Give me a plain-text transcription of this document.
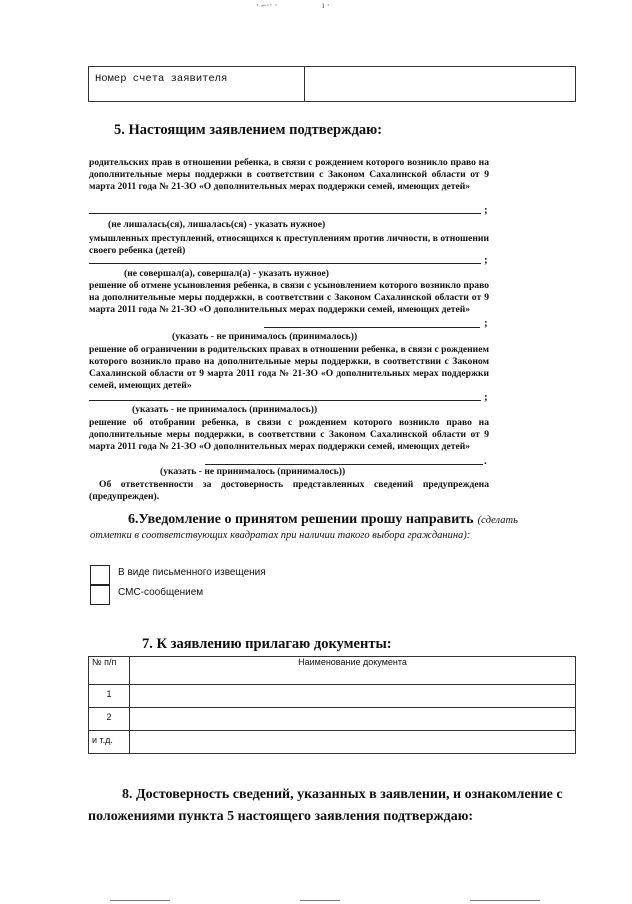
· ⌐·· ·	ı ·
Номер счета заявителя
5. Настоящим заявлением подтверждаю:
родительских прав в отношении ребенка, в связи с рождением которого возникло право на дополнительные меры поддержки в соответствии с Законом Сахалинской области от 9 марта 2011 года № 21-ЗО «О дополнительных мерах поддержки семей, имеющих детей»
;
(не лишалась(ся), лишалась(ся) - указать нужное)
умышленных преступлений, относящихся к преступлениям против личности, в отношении своего ребенка (детей)
;
(не совершал(а), совершал(а) - указать нужное)
решение об отмене усыновления ребенка, в связи с усыновлением которого возникло право на дополнительные меры поддержки, в соответствии с Законом Сахалинской области от 9 марта 2011 года № 21-ЗО «О дополнительных мерах поддержки семей, имеющих детей»
;
(указать - не принималось (принималось))
решение об ограничении в родительских правах в отношении ребенка, в связи с рождением которого возникло право на дополнительные меры поддержки, в соответствии с Законом Сахалинской области от 9 марта 2011 года № 21-ЗО «О дополнительных мерах поддержки семей, имеющих детей»
;
(указать - не принималось (принималось))
решение об отобрании ребенка, в связи с рождением которого возникло право на дополнительные меры поддержки, в соответствии с Законом Сахалинской области от 9 марта 2011 года № 21-ЗО «О дополнительных мерах поддержки семей, имеющих детей»
.
(указать - не принималось (принималось))
Об ответственности за достоверность представленных сведений предупреждена (предупрежден).
6.Уведомление о принятом решении прошу направить (сделать
отметки в соответствующих квадратах при наличии такого выбора гражданина):
В виде письменного извещения
СМС-сообщением
7. К заявлению прилагаю документы:
№ п/п	Наименование документа
1	
2	
и т.д.	
8. Достоверность сведений, указанных в заявлении, и ознакомление с положениями пункта 5 настоящего заявления подтверждаю:
